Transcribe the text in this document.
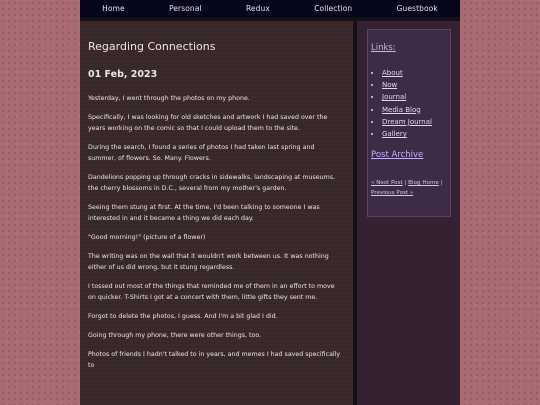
Home	Personal	Redux	Collection	Guestbook
Regarding Connections
01 Feb, 2023

Yesterday, I went through the photos on my phone.

Specifically, I was looking for old sketches and artwork I had saved over the years working on the comic so that I could upload them to the site.

During the search, I found a series of photos I had taken last spring and summer, of flowers. So. Many. Flowers.

Dandelions popping up through cracks in sidewalks, landscaping at museums, the cherry blossoms in D.C., several from my mother's garden.

Seeing them stung at first. At the time, I'd been talking to someone I was interested in and it became a thing we did each day.

"Good morning!" (picture of a flower)

The writing was on the wall that it wouldn't work between us. It was nothing either of us did wrong, but it stung regardless.

I tossed out most of the things that reminded me of them in an effort to move on quicker. T-Shirts I got at a concert with them, little gifts they sent me.

Forgot to delete the photos, I guess. And I'm a bit glad I did.

Going through my phone, there were other things, too.

Photos of friends I hadn't talked to in years, and memes I had saved specifically to

Links:
• About
• Now
• Journal
• Media Blog
• Dream Journal
• Gallery
Post Archive
« Next Post | Blog Home | Previous Post »
